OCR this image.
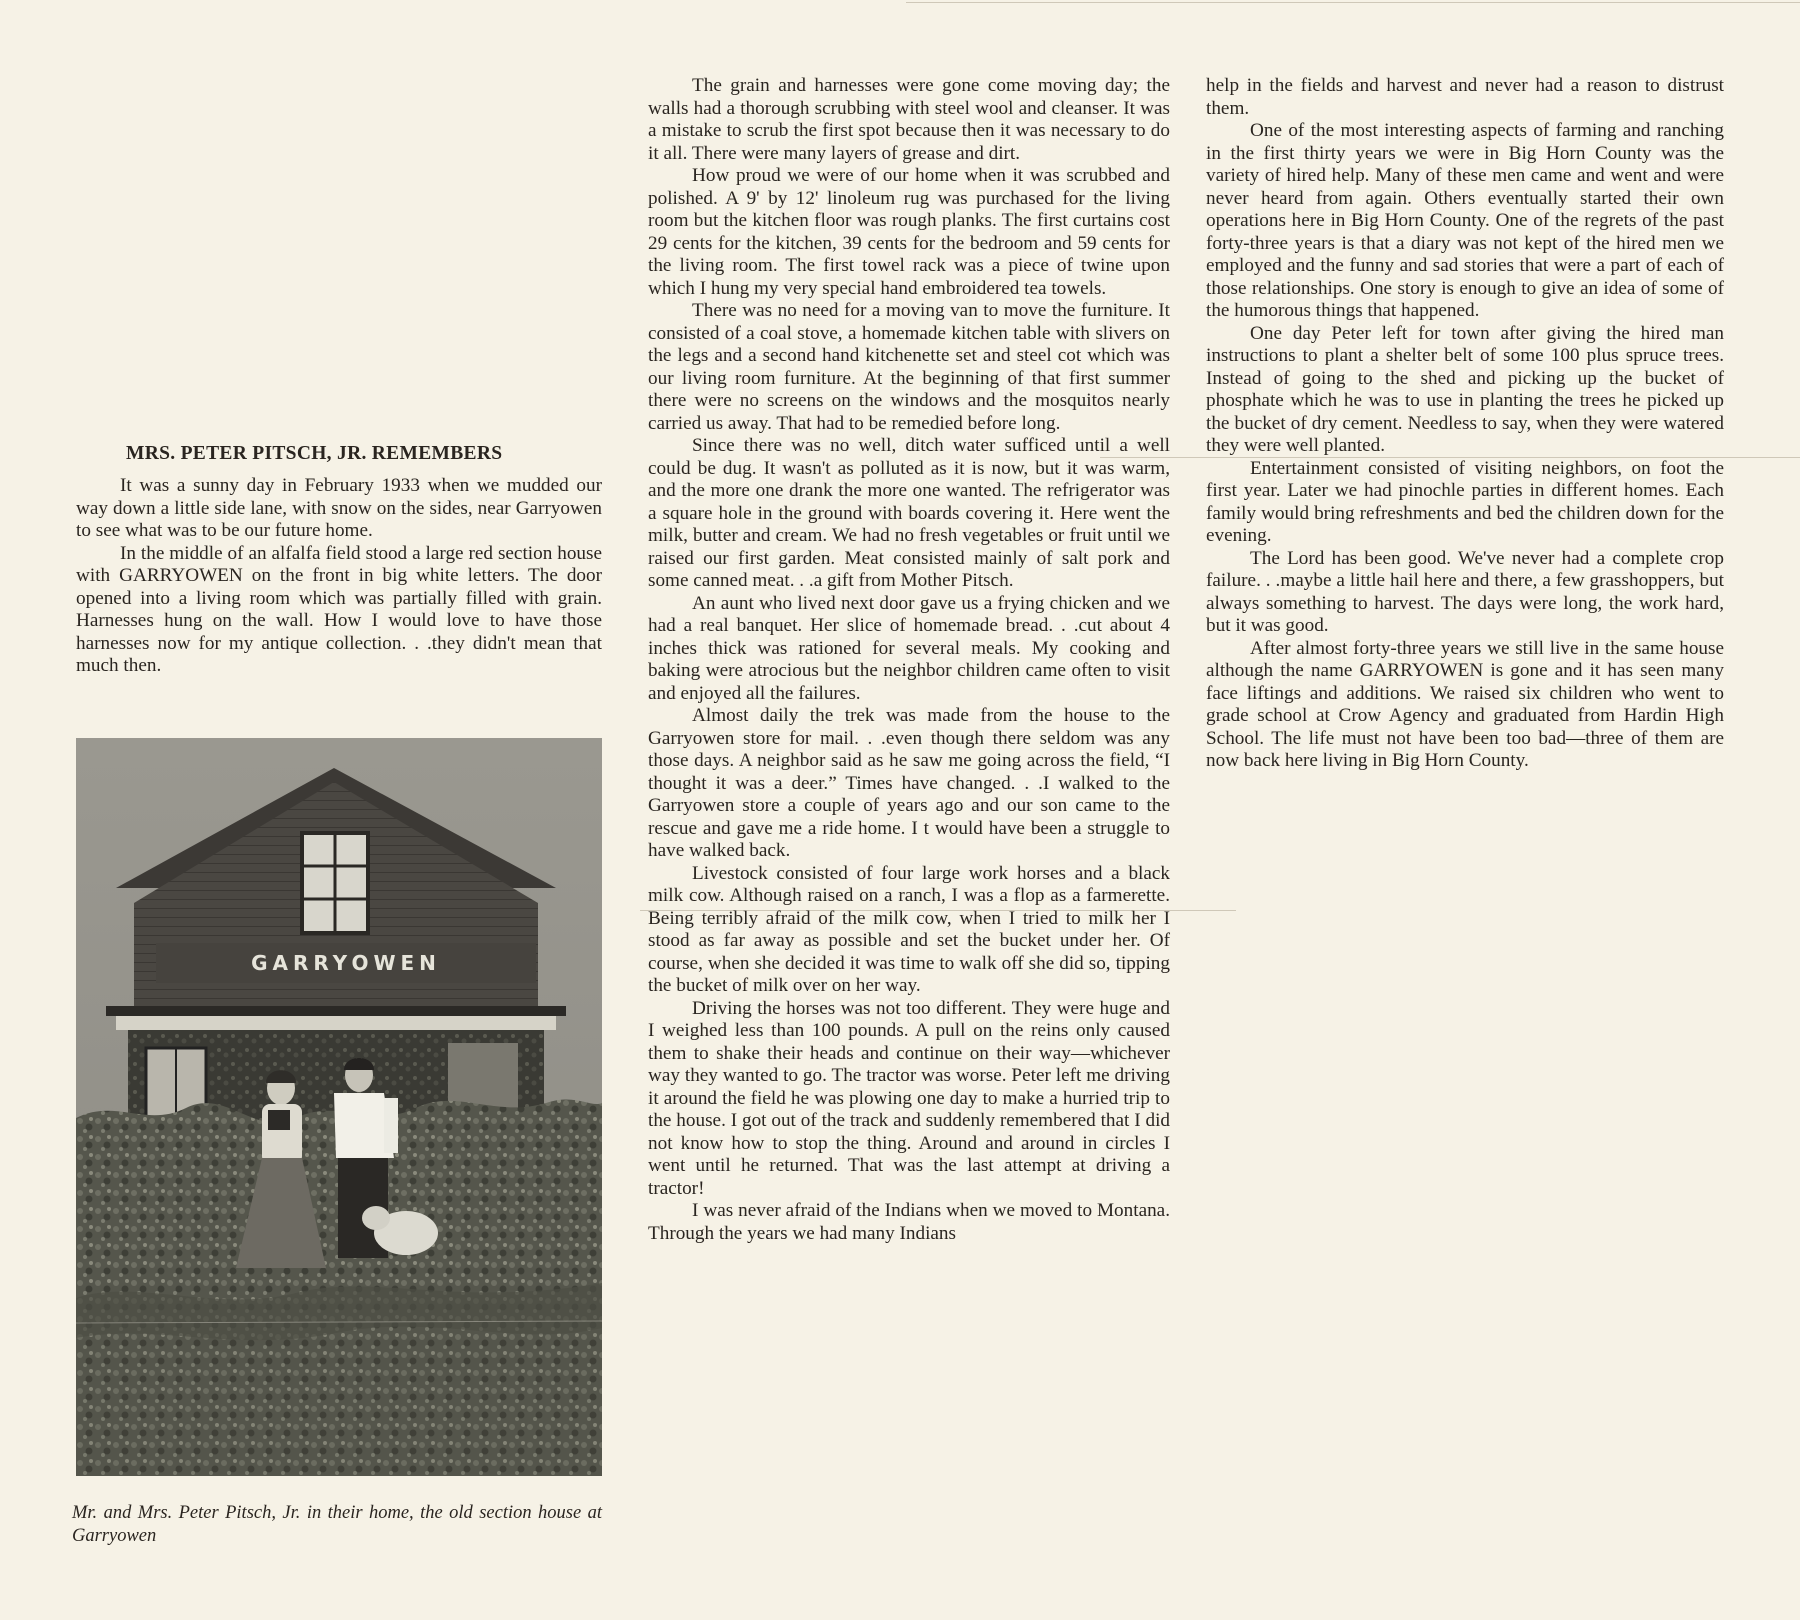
MRS. PETER PITSCH, JR. REMEMBERS

It was a sunny day in February 1933 when we mudded our way down a little side lane, with snow on the sides, near Garryowen to see what was to be our future home.

In the middle of an alfalfa field stood a large red section house with GARRYOWEN on the front in big white letters. The door opened into a living room which was partially filled with grain. Harnesses hung on the wall. How I would love to have those harnesses now for my antique collection. . .they didn't mean that much then.

GARRYOWEN
Mr. and Mrs. Peter Pitsch, Jr. in their home, the old section house at Garryowen

The grain and harnesses were gone come moving day; the walls had a thorough scrubbing with steel wool and cleanser. It was a mistake to scrub the first spot because then it was necessary to do it all. There were many layers of grease and dirt.

How proud we were of our home when it was scrubbed and polished. A 9' by 12' linoleum rug was purchased for the living room but the kitchen floor was rough planks. The first curtains cost 29 cents for the kitchen, 39 cents for the bedroom and 59 cents for the living room. The first towel rack was a piece of twine upon which I hung my very special hand embroidered tea towels.

There was no need for a moving van to move the furniture. It consisted of a coal stove, a homemade kitchen table with slivers on the legs and a second hand kitchenette set and steel cot which was our living room furniture. At the beginning of that first summer there were no screens on the windows and the mosquitos nearly carried us away. That had to be remedied before long.

Since there was no well, ditch water sufficed until a well could be dug. It wasn't as polluted as it is now, but it was warm, and the more one drank the more one wanted. The refrigerator was a square hole in the ground with boards covering it. Here went the milk, butter and cream. We had no fresh vegetables or fruit until we raised our first garden. Meat consisted mainly of salt pork and some canned meat. . .a gift from Mother Pitsch.

An aunt who lived next door gave us a frying chicken and we had a real banquet. Her slice of homemade bread. . .cut about 4 inches thick was rationed for several meals. My cooking and baking were atrocious but the neighbor children came often to visit and enjoyed all the failures.

Almost daily the trek was made from the house to the Garryowen store for mail. . .even though there seldom was any those days. A neighbor said as he saw me going across the field, “I thought it was a deer.” Times have changed. . .I walked to the Garryowen store a couple of years ago and our son came to the rescue and gave me a ride home. I t would have been a struggle to have walked back.

Livestock consisted of four large work horses and a black milk cow. Although raised on a ranch, I was a flop as a farmerette. Being terribly afraid of the milk cow, when I tried to milk her I stood as far away as possible and set the bucket under her. Of course, when she decided it was time to walk off she did so, tipping the bucket of milk over on her way.

Driving the horses was not too different. They were huge and I weighed less than 100 pounds. A pull on the reins only caused them to shake their heads and continue on their way—whichever way they wanted to go. The tractor was worse. Peter left me driving it around the field he was plowing one day to make a hurried trip to the house. I got out of the track and suddenly remembered that I did not know how to stop the thing. Around and around in circles I went until he returned. That was the last attempt at driving a tractor!

I was never afraid of the Indians when we moved to Montana. Through the years we had many Indians

help in the fields and harvest and never had a reason to distrust them.

One of the most interesting aspects of farming and ranching in the first thirty years we were in Big Horn County was the variety of hired help. Many of these men came and went and were never heard from again. Others eventually started their own operations here in Big Horn County. One of the regrets of the past forty-three years is that a diary was not kept of the hired men we employed and the funny and sad stories that were a part of each of those relationships. One story is enough to give an idea of some of the humorous things that happened.

One day Peter left for town after giving the hired man instructions to plant a shelter belt of some 100 plus spruce trees. Instead of going to the shed and picking up the bucket of phosphate which he was to use in planting the trees he picked up the bucket of dry cement. Needless to say, when they were watered they were well planted.

Entertainment consisted of visiting neighbors, on foot the first year. Later we had pinochle parties in different homes. Each family would bring refreshments and bed the children down for the evening.

The Lord has been good. We've never had a complete crop failure. . .maybe a little hail here and there, a few grasshoppers, but always something to harvest. The days were long, the work hard, but it was good.

After almost forty-three years we still live in the same house although the name GARRYOWEN is gone and it has seen many face liftings and additions. We raised six children who went to grade school at Crow Agency and graduated from Hardin High School. The life must not have been too bad—three of them are now back here living in Big Horn County.
